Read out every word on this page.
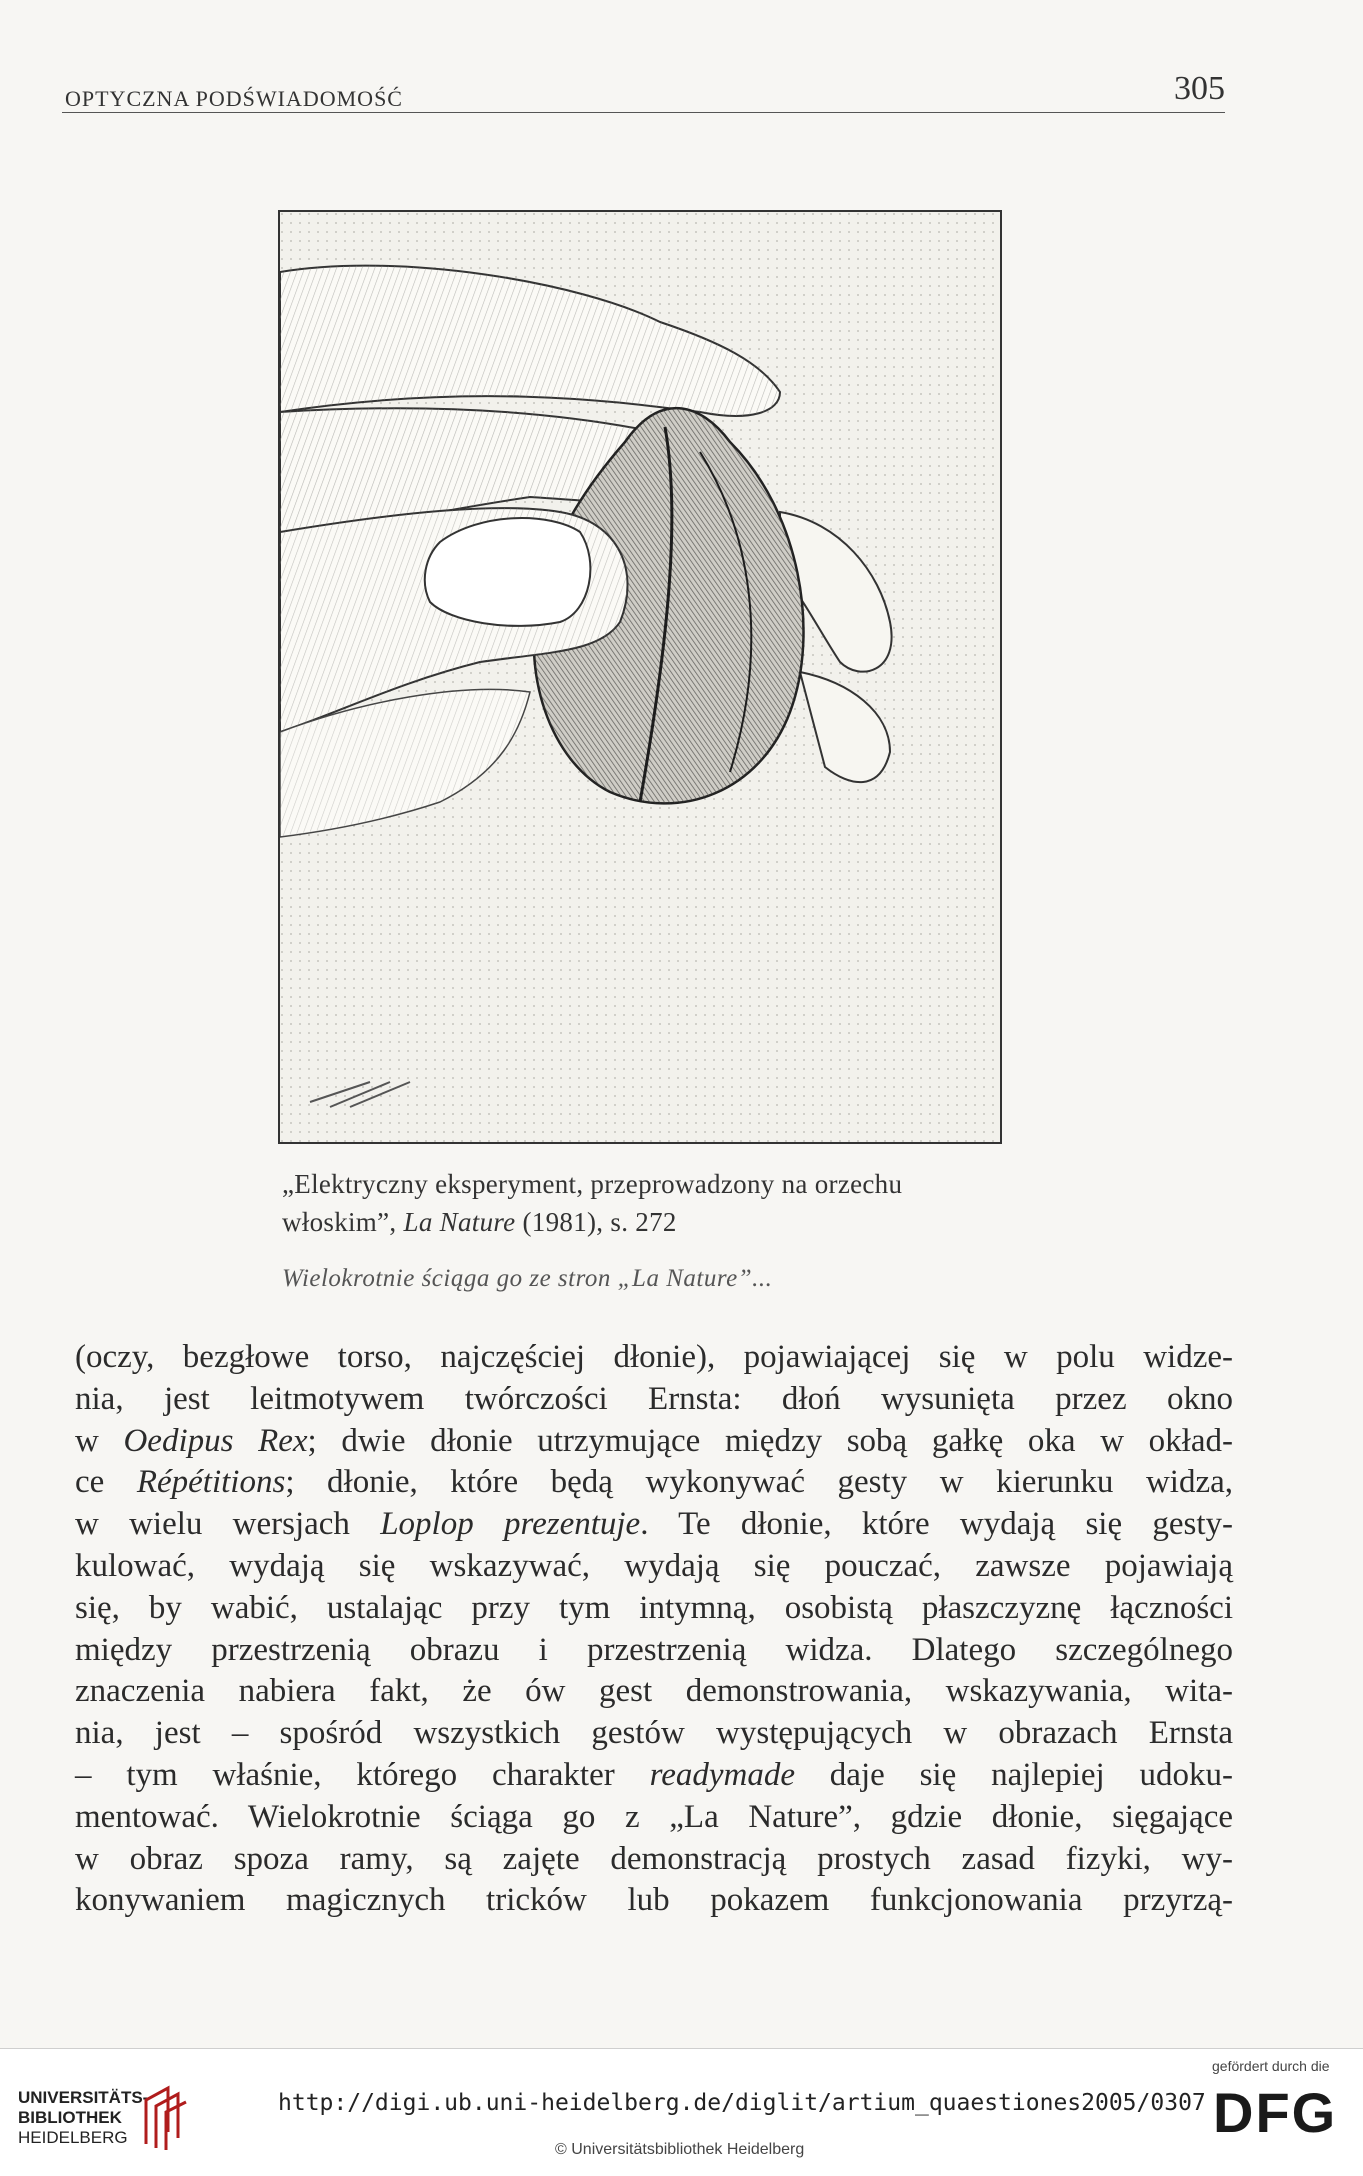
OPTYCZNA PODŚWIADOMOŚĆ	305
„Elektryczny eksperyment, przeprowadzony na orzechu
włoskim”, La Nature (1981), s. 272
Wielokrotnie ściąga go ze stron „La Nature”...
(oczy, bezgłowe torso, najczęściej dłonie), pojawiającej się w polu widze-
nia, jest leitmotywem twórczości Ernsta: dłoń wysunięta przez okno
w Oedipus Rex; dwie dłonie utrzymujące między sobą gałkę oka w okład-
ce Répétitions; dłonie, które będą wykonywać gesty w kierunku widza,
w wielu wersjach Loplop prezentuje. Te dłonie, które wydają się gesty-
kulować, wydają się wskazywać, wydają się pouczać, zawsze pojawiają
się, by wabić, ustalając przy tym intymną, osobistą płaszczyznę łączności
między przestrzenią obrazu i przestrzenią widza. Dlatego szczególnego
znaczenia nabiera fakt, że ów gest demonstrowania, wskazywania, wita-
nia, jest – spośród wszystkich gestów występujących w obrazach Ernsta
– tym właśnie, którego charakter readymade daje się najlepiej udoku-
mentować. Wielokrotnie ściąga go z „La Nature”, gdzie dłonie, sięgające
w obraz spoza ramy, są zajęte demonstracją prostych zasad fizyki, wy-
konywaniem magicznych tricków lub pokazem funkcjonowania przyrzą-
UNIVERSITÄTS-
BIBLIOTHEK
HEIDELBERG
http://digi.ub.uni-heidelberg.de/diglit/artium_quaestiones2005/0307
© Universitätsbibliothek Heidelberg
gefördert durch die
DFG
